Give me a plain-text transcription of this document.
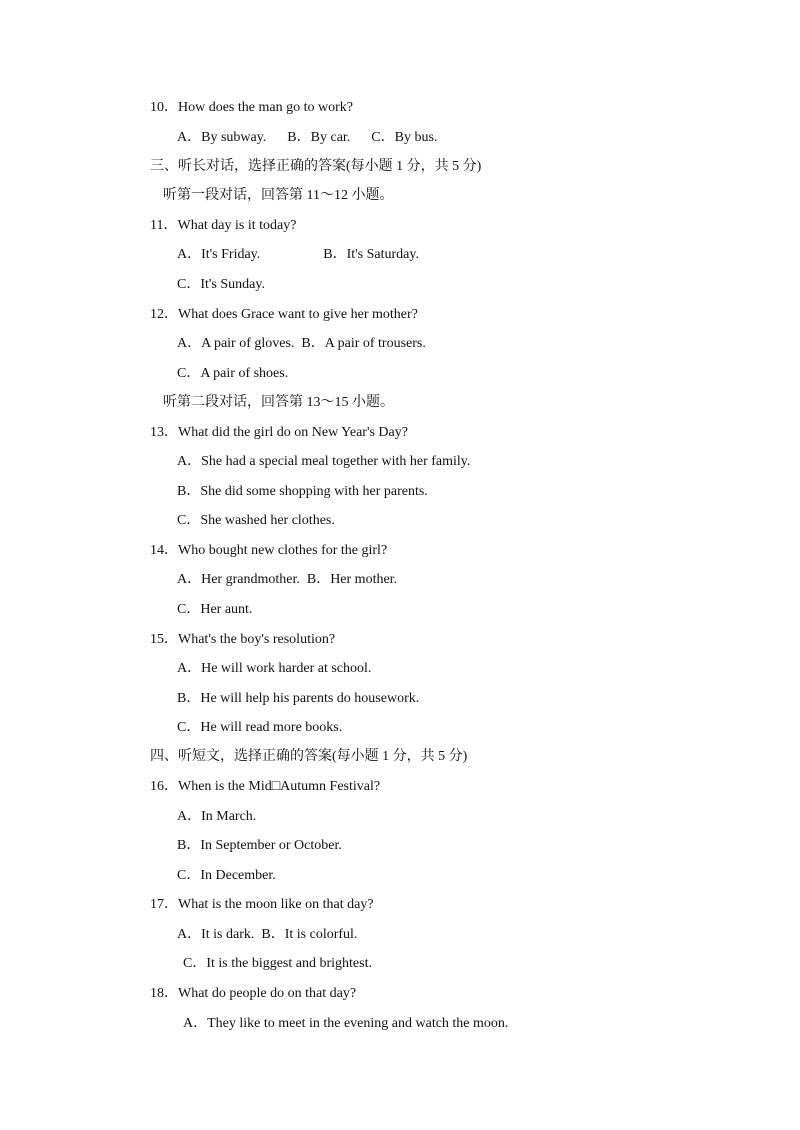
10．How does the man go to work?
A．By subway.      B．By car.      C．By bus.
三、听长对话，选择正确的答案(每小题 1 分，共 5 分)
听第一段对话，回答第 11～12 小题。
11．What day is it today?
A．It's Friday.                  B．It's Saturday.
C．It's Sunday.
12．What does Grace want to give her mother?
A．A pair of gloves.  B．A pair of trousers.
C．A pair of shoes.
听第二段对话，回答第 13～15 小题。
13．What did the girl do on New Year's Day?
A．She had a special meal together with her family.
B．She did some shopping with her parents.
C．She washed her clothes.
14．Who bought new clothes for the girl?
A．Her grandmother.  B．Her mother.
C．Her aunt.
15．What's the boy's resolution?
A．He will work harder at school.
B．He will help his parents do housework.
C．He will read more books.
四、听短文，选择正确的答案(每小题 1 分，共 5 分)
16．When is the Mid□Autumn Festival?
A．In March.
B．In September or October.
C．In December.
17．What is the moon like on that day?
A．It is dark.  B．It is colorful.
C．It is the biggest and brightest.
18．What do people do on that day?
A．They like to meet in the evening and watch the moon.
